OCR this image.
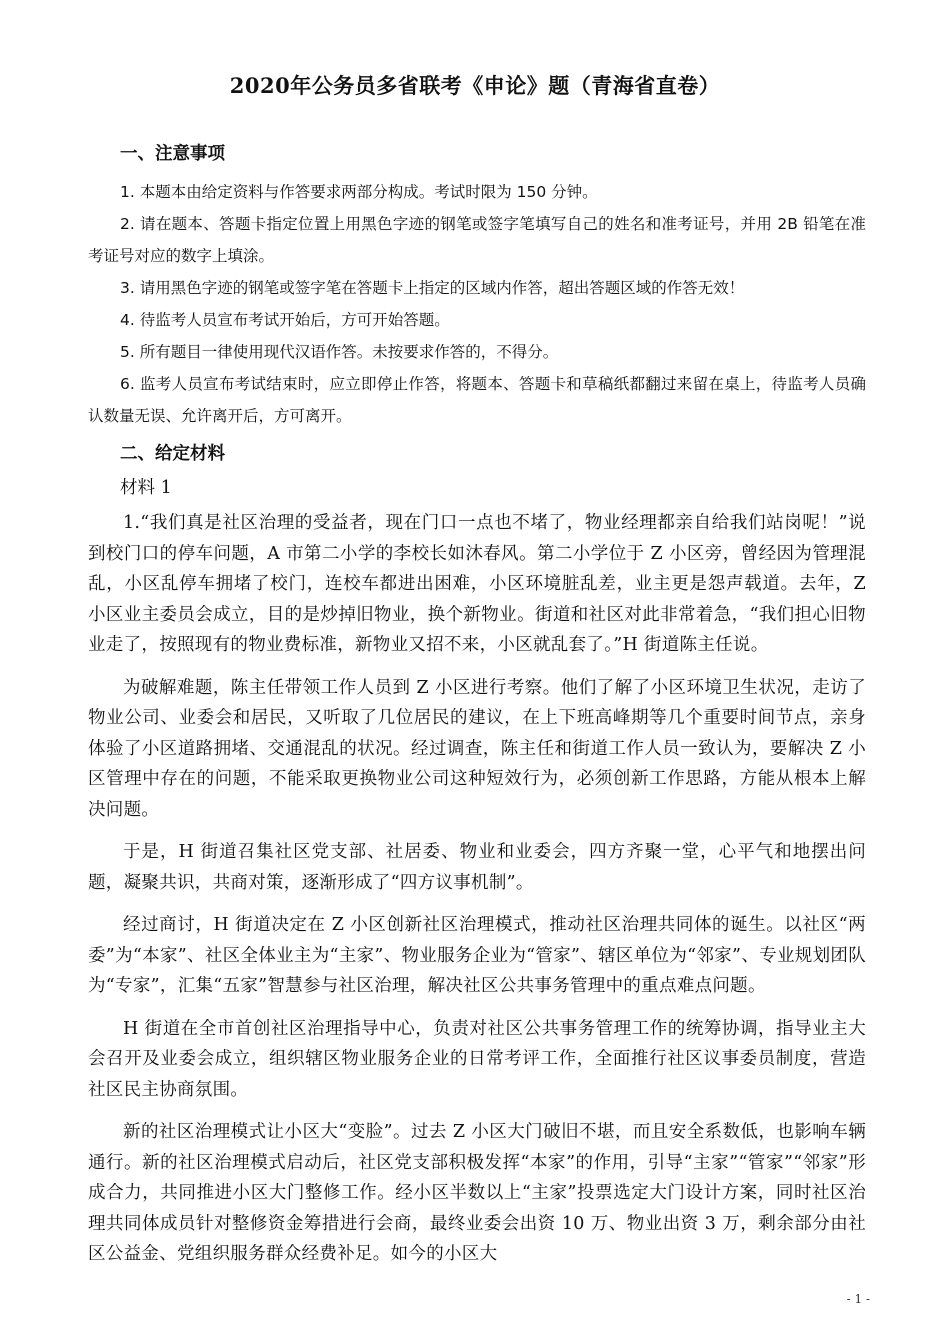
2020年公务员多省联考《申论》题（青海省直卷）
一、注意事项

1. 本题本由给定资料与作答要求两部分构成。考试时限为 150 分钟。

2. 请在题本、答题卡指定位置上用黑色字迹的钢笔或签字笔填写自己的姓名和准考证号，并用 2B 铅笔在准考证号对应的数字上填涂。

3. 请用黑色字迹的钢笔或签字笔在答题卡上指定的区域内作答，超出答题区域的作答无效！

4. 待监考人员宣布考试开始后，方可开始答题。

5. 所有题目一律使用现代汉语作答。未按要求作答的，不得分。

6. 监考人员宣布考试结束时，应立即停止作答，将题本、答题卡和草稿纸都翻过来留在桌上，待监考人员确认数量无误、允许离开后，方可离开。

二、给定材料
材料 1

1.“我们真是社区治理的受益者，现在门口一点也不堵了，物业经理都亲自给我们站岗呢！”说到校门口的停车问题，A 市第二小学的李校长如沐春风。第二小学位于 Z 小区旁，曾经因为管理混乱，小区乱停车拥堵了校门，连校车都进出困难，小区环境脏乱差，业主更是怨声载道。去年，Z 小区业主委员会成立，目的是炒掉旧物业，换个新物业。街道和社区对此非常着急，“我们担心旧物业走了，按照现有的物业费标准，新物业又招不来，小区就乱套了。”H 街道陈主任说。

为破解难题，陈主任带领工作人员到 Z 小区进行考察。他们了解了小区环境卫生状况，走访了物业公司、业委会和居民，又听取了几位居民的建议，在上下班高峰期等几个重要时间节点，亲身体验了小区道路拥堵、交通混乱的状况。经过调查，陈主任和街道工作人员一致认为，要解决 Z 小区管理中存在的问题，不能采取更换物业公司这种短效行为，必须创新工作思路，方能从根本上解决问题。

于是，H 街道召集社区党支部、社居委、物业和业委会，四方齐聚一堂，心平气和地摆出问题，凝聚共识，共商对策，逐渐形成了“四方议事机制”。

经过商讨，H 街道决定在 Z 小区创新社区治理模式，推动社区治理共同体的诞生。以社区“两委”为“本家”、社区全体业主为“主家”、物业服务企业为“管家”、辖区单位为“邻家”、专业规划团队为“专家”，汇集“五家”智慧参与社区治理，解决社区公共事务管理中的重点难点问题。

H 街道在全市首创社区治理指导中心，负责对社区公共事务管理工作的统筹协调，指导业主大会召开及业委会成立，组织辖区物业服务企业的日常考评工作，全面推行社区议事委员制度，营造社区民主协商氛围。

新的社区治理模式让小区大“变脸”。过去 Z 小区大门破旧不堪，而且安全系数低，也影响车辆通行。新的社区治理模式启动后，社区党支部积极发挥“本家”的作用，引导“主家”“管家”“邻家”形成合力，共同推进小区大门整修工作。经小区半数以上“主家”投票选定大门设计方案，同时社区治理共同体成员针对整修资金筹措进行会商，最终业委会出资 10 万、物业出资 3 万，剩余部分由社区公益金、党组织服务群众经费补足。如今的小区大

- 1 -
